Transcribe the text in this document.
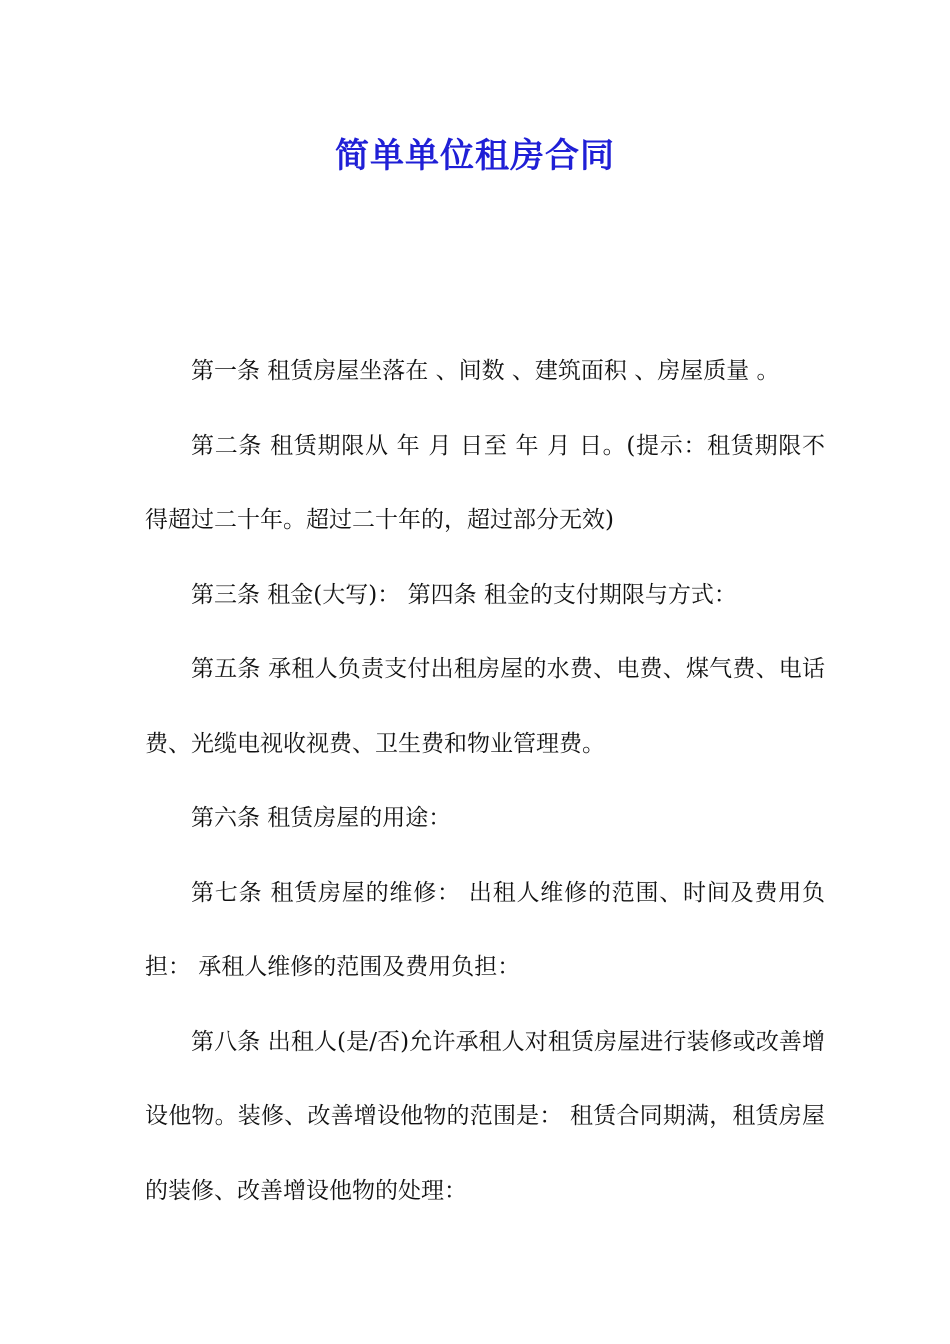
简单单位租房合同

第一条 租赁房屋坐落在 、间数 、建筑面积 、房屋质量 。

第二条 租赁期限从 年 月 日至 年 月 日。(提示：租赁期限不得超过二十年。超过二十年的，超过部分无效)

第三条 租金(大写)： 第四条 租金的支付期限与方式：

第五条 承租人负责支付出租房屋的水费、电费、煤气费、电话费、光缆电视收视费、卫生费和物业管理费。

第六条 租赁房屋的用途：

第七条 租赁房屋的维修： 出租人维修的范围、时间及费用负担： 承租人维修的范围及费用负担：

第八条 出租人(是/否)允许承租人对租赁房屋进行装修或改善增设他物。装修、改善增设他物的范围是： 租赁合同期满，租赁房屋的装修、改善增设他物的处理：
